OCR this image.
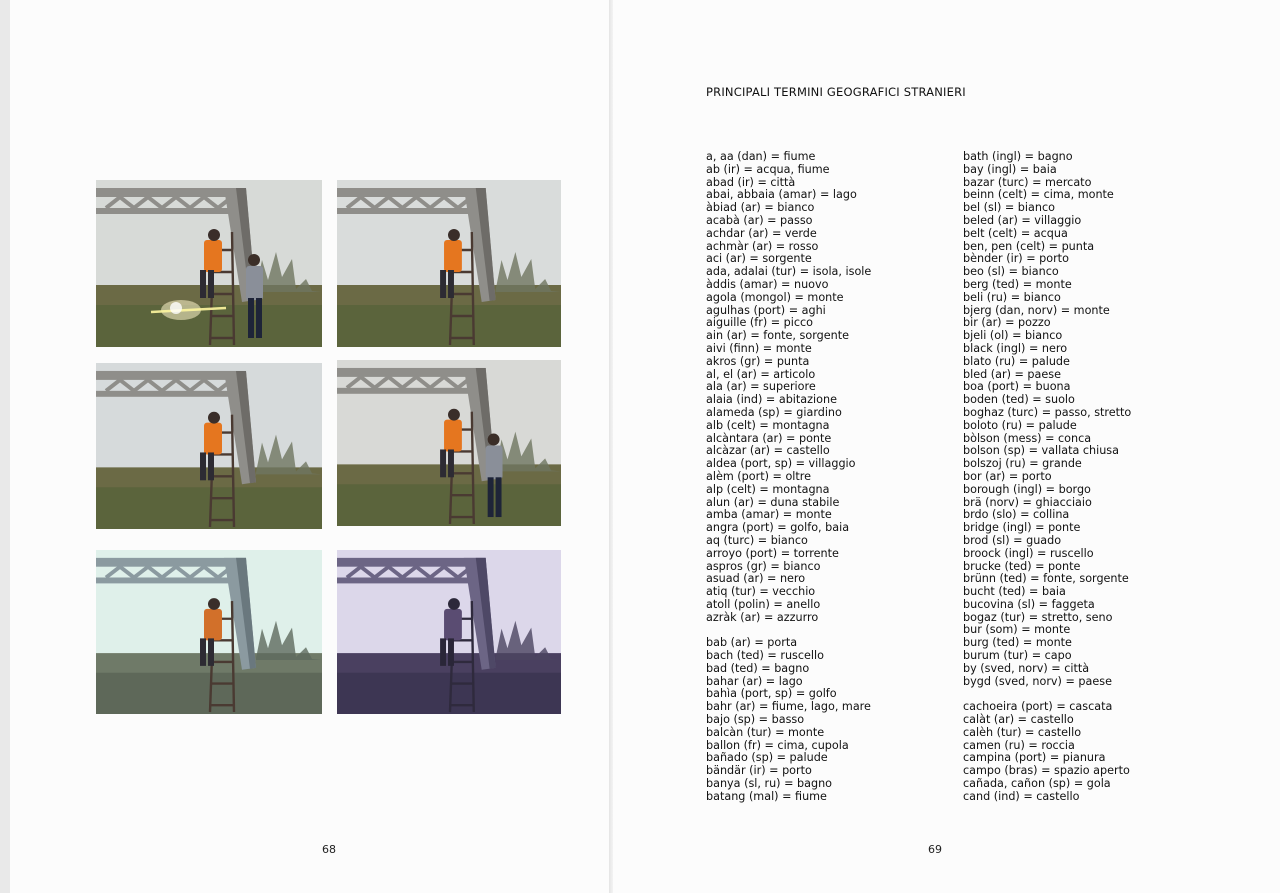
68
PRINCIPALI TERMINI GEOGRAFICI STRANIERI
a, aa (dan) = fiume
ab (ir) = acqua, fiume
abad (ir) = città
abai, abbaia (amar) = lago
àbiad (ar) = bianco
acabà (ar) = passo
achdar (ar) = verde
achmàr (ar) = rosso
aci (ar) = sorgente
ada, adalai (tur) = isola, isole
àddis (amar) = nuovo
agola (mongol) = monte
agulhas (port) = aghi
aiguille (fr) = picco
ain (ar) = fonte, sorgente
aivi (finn) = monte
akros (gr) = punta
al, el (ar) = articolo
ala (ar) = superiore
alaia (ind) = abitazione
alameda (sp) = giardino
alb (celt) = montagna
alcàntara (ar) = ponte
alcàzar (ar) = castello
aldea (port, sp) = villaggio
alèm (port) = oltre
alp (celt) = montagna
alun (ar) = duna stabile
amba (amar) = monte
angra (port) = golfo, baia
aq (turc) = bianco
arroyo (port) = torrente
aspros (gr) = bianco
asuad (ar) = nero
atiq (tur) = vecchio
atoll (polin) = anello
azràk (ar) = azzurro
bab (ar) = porta
bach (ted) = ruscello
bad (ted) = bagno
bahar (ar) = lago
bahìa (port, sp) = golfo
bahr (ar) = fiume, lago, mare
bajo (sp) = basso
balcàn (tur) = monte
ballon (fr) = cima, cupola
bañado (sp) = palude
bändär (ir) = porto
banya (sl, ru) = bagno
batang (mal) = fiume
bath (ingl) = bagno
bay (ingl) = baia
bazar (turc) = mercato
beinn (celt) = cima, monte
bel (sl) = bianco
beled (ar) = villaggio
belt (celt) = acqua
ben, pen (celt) = punta
bènder (ir) = porto
beo (sl) = bianco
berg (ted) = monte
beli (ru) = bianco
bjerg (dan, norv) = monte
bir (ar) = pozzo
bjeli (ol) = bianco
black (ingl) = nero
blato (ru) = palude
bled (ar) = paese
boa (port) = buona
boden (ted) = suolo
boghaz (turc) = passo, stretto
boloto (ru) = palude
bòlson (mess) = conca
bolson (sp) = vallata chiusa
bolszoj (ru) = grande
bor (ar) = porto
borough (ingl) = borgo
brä (norv) = ghiacciaio
brdo (slo) = collina
bridge (ingl) = ponte
brod (sl) = guado
broock (ingl) = ruscello
brucke (ted) = ponte
brünn (ted) = fonte, sorgente
bucht (ted) = baia
bucovina (sl) = faggeta
bogaz (tur) = stretto, seno
bur (som) = monte
burg (ted) = monte
burum (tur) = capo
by (sved, norv) = città
bygd (sved, norv) = paese
cachoeira (port) = cascata
calàt (ar) = castello
calèh (tur) = castello
camen (ru) = roccia
campina (port) = pianura
campo (bras) = spazio aperto
cañada, cañon (sp) = gola
cand (ind) = castello
69
